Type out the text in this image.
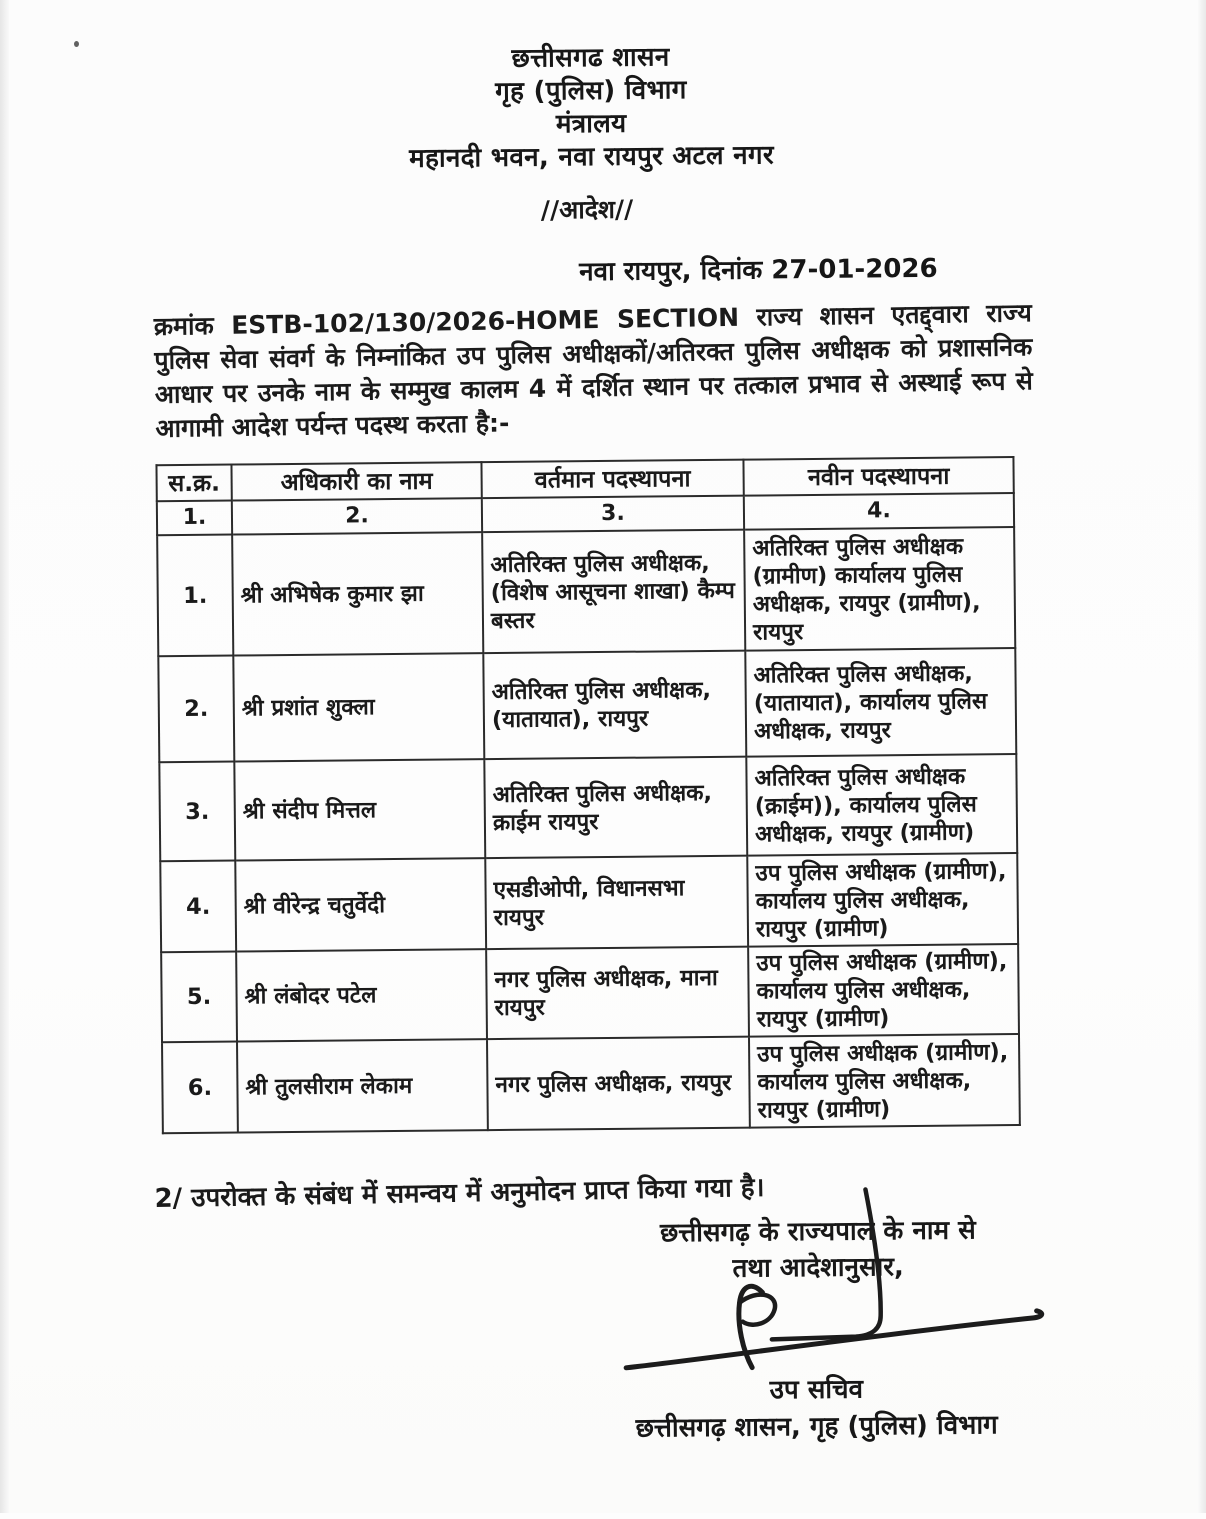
छत्तीसगढ शासन
गृह (पुलिस) विभाग
मंत्रालय
महानदी भवन, नवा रायपुर अटल नगर
//आदेश//
नवा रायपुर, दिनांक 27-01-2026

क्रमांक ESTB-102/130/2026-HOME SECTION राज्य शासन एतद्द्वारा राज्य पुलिस सेवा संवर्ग के निम्नांकित उप पुलिस अधीक्षकों/अतिरक्त पुलिस अधीक्षक को प्रशासनिक आधार पर उनके नाम के सम्मुख कालम 4 में दर्शित स्थान पर तत्काल प्रभाव से अस्थाई रूप से आगामी आदेश पर्यन्त पदस्थ करता है:-

स.क्र.	अधिकारी का नाम	वर्तमान पदस्थापना	नवीन पदस्थापना
1.	2.	3.	4.
1.	श्री अभिषेक कुमार झा	अतिरिक्त पुलिस अधीक्षक, (विशेष आसूचना शाखा) कैम्प बस्तर	अतिरिक्त पुलिस अधीक्षक (ग्रामीण) कार्यालय पुलिस अधीक्षक, रायपुर (ग्रामीण), रायपुर
2.	श्री प्रशांत शुक्ला	अतिरिक्त पुलिस अधीक्षक, (यातायात), रायपुर	अतिरिक्त पुलिस अधीक्षक, (यातायात), कार्यालय पुलिस अधीक्षक, रायपुर
3.	श्री संदीप मित्तल	अतिरिक्त पुलिस अधीक्षक, क्राईम रायपुर	अतिरिक्त पुलिस अधीक्षक (क्राईम)), कार्यालय पुलिस अधीक्षक, रायपुर (ग्रामीण)
4.	श्री वीरेन्द्र चतुर्वेदी	एसडीओपी, विधानसभा रायपुर	उप पुलिस अधीक्षक (ग्रामीण), कार्यालय पुलिस अधीक्षक, रायपुर (ग्रामीण)
5.	श्री लंबोदर पटेल	नगर पुलिस अधीक्षक, माना रायपुर	उप पुलिस अधीक्षक (ग्रामीण), कार्यालय पुलिस अधीक्षक, रायपुर (ग्रामीण)
6.	श्री तुलसीराम लेकाम	नगर पुलिस अधीक्षक, रायपुर	उप पुलिस अधीक्षक (ग्रामीण), कार्यालय पुलिस अधीक्षक, रायपुर (ग्रामीण)
2/ उपरोक्त के संबंध में समन्वय में अनुमोदन प्राप्त किया गया है।
छत्तीसगढ़ के राज्यपाल के नाम से
तथा आदेशानुसार,
उप सचिव
छत्तीसगढ़ शासन, गृह (पुलिस) विभाग
